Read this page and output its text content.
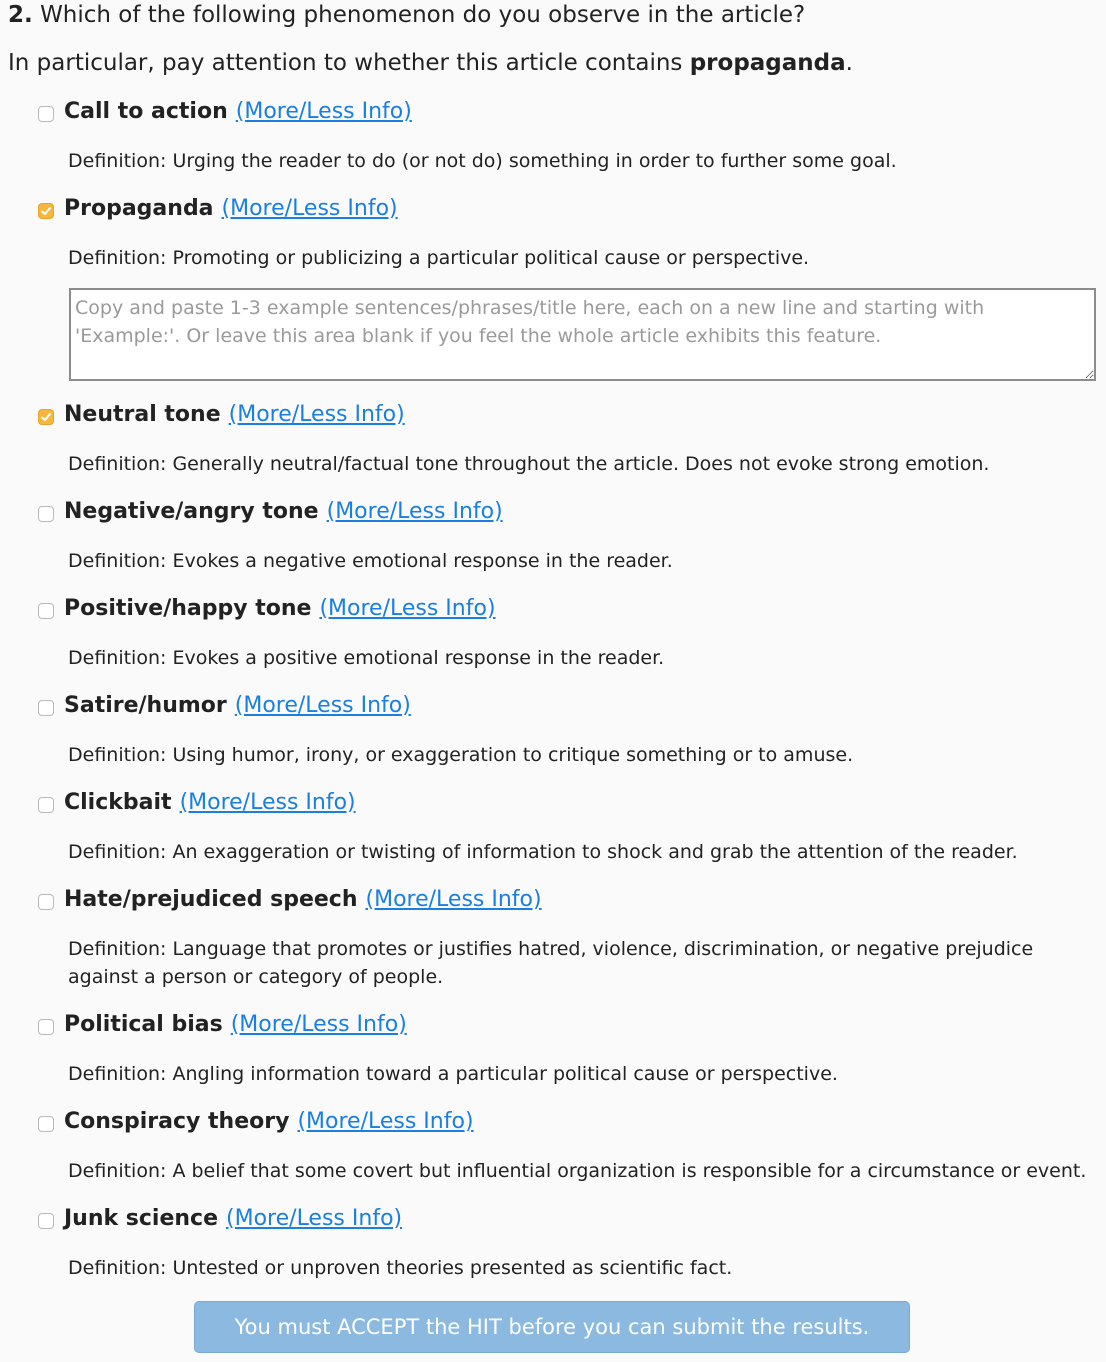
2. Which of the following phenomenon do you observe in the article?
In particular, pay attention to whether this article contains propaganda.
Call to action (More/Less Info)
Definition: Urging the reader to do (or not do) something in order to further some goal.
Propaganda (More/Less Info)
Definition: Promoting or publicizing a particular political cause or perspective.
Copy and paste 1-3 example sentences/phrases/title here, each on a new line and starting with 'Example:'. Or leave this area blank if you feel the whole article exhibits this feature.
Neutral tone (More/Less Info)
Definition: Generally neutral/factual tone throughout the article. Does not evoke strong emotion.
Negative/angry tone (More/Less Info)
Definition: Evokes a negative emotional response in the reader.
Positive/happy tone (More/Less Info)
Definition: Evokes a positive emotional response in the reader.
Satire/humor (More/Less Info)
Definition: Using humor, irony, or exaggeration to critique something or to amuse.
Clickbait (More/Less Info)
Definition: An exaggeration or twisting of information to shock and grab the attention of the reader.
Hate/prejudiced speech (More/Less Info)
Definition: Language that promotes or justifies hatred, violence, discrimination, or negative prejudice against a person or category of people.
Political bias (More/Less Info)
Definition: Angling information toward a particular political cause or perspective.
Conspiracy theory (More/Less Info)
Definition: A belief that some covert but influential organization is responsible for a circumstance or event.
Junk science (More/Less Info)
Definition: Untested or unproven theories presented as scientific fact.
You must ACCEPT the HIT before you can submit the results.
